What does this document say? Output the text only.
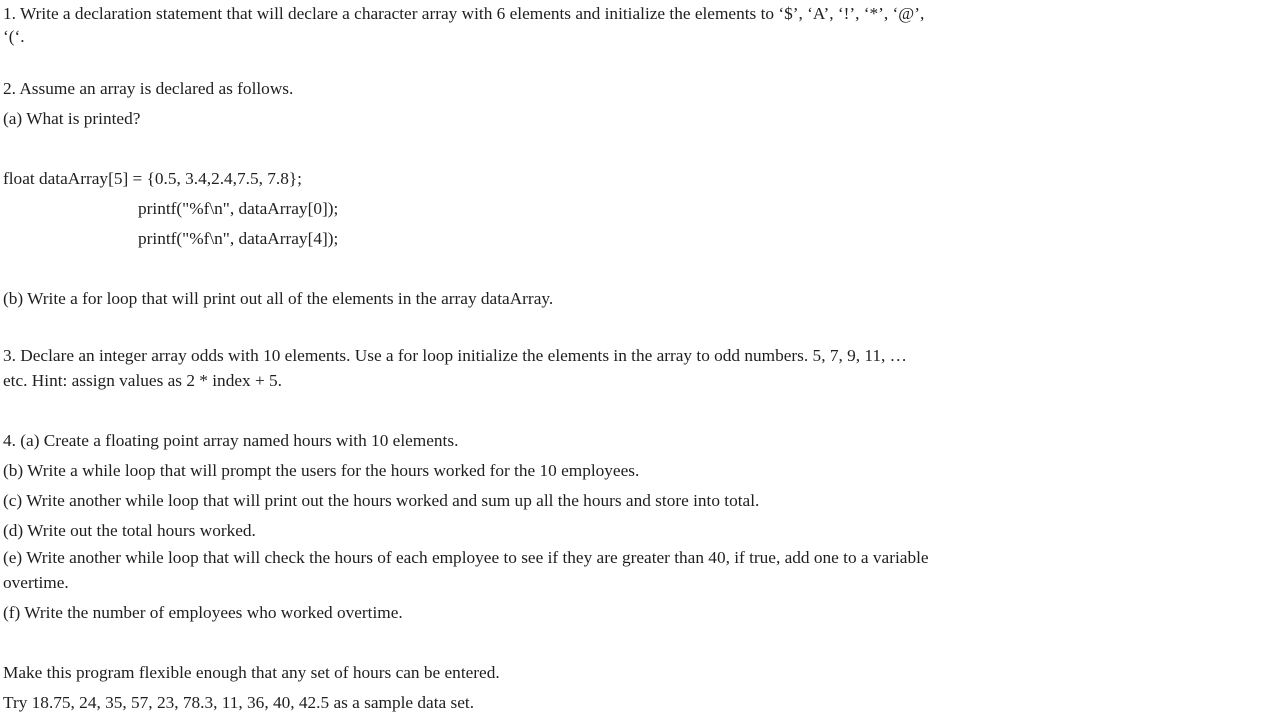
1. Write a declaration statement that will declare a character array with 6 elements and initialize the elements to ‘$’, ‘A’, ‘!’, ‘*’, ‘@’,
‘(‘.
2. Assume an array is declared as follows.
(a) What is printed?
float dataArray[5] = {0.5, 3.4,2.4,7.5, 7.8};
printf("%f\n", dataArray[0]);
printf("%f\n", dataArray[4]);
(b) Write a for loop that will print out all of the elements in the array dataArray.
3. Declare an integer array odds with 10 elements. Use a for loop initialize the elements in the array to odd numbers. 5, 7, 9, 11, …
etc. Hint: assign values as 2 * index + 5.
4. (a) Create a floating point array named hours with 10 elements.
(b) Write a while loop that will prompt the users for the hours worked for the 10 employees.
(c) Write another while loop that will print out the hours worked and sum up all the hours and store into total.
(d) Write out the total hours worked.
(e) Write another while loop that will check the hours of each employee to see if they are greater than 40, if true, add one to a variable
overtime.
(f) Write the number of employees who worked overtime.
Make this program flexible enough that any set of hours can be entered.
Try 18.75, 24, 35, 57, 23, 78.3, 11, 36, 40, 42.5 as a sample data set.
